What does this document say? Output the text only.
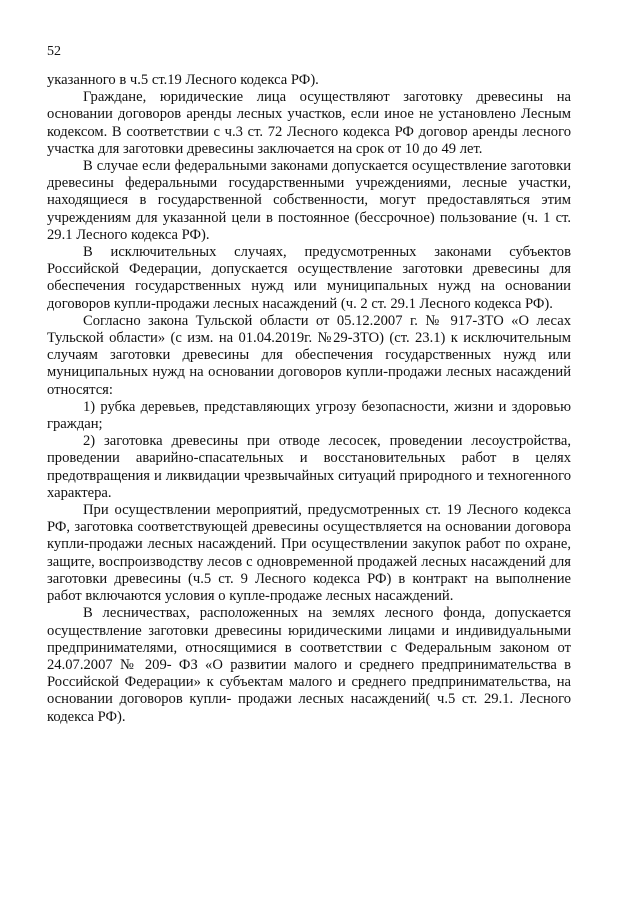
52

указанного в ч.5 ст.19 Лесного кодекса РФ).

Граждане, юридические лица осуществляют заготовку древесины на основании договоров аренды лесных участков, если иное не установлено Лесным кодексом. В соответствии с ч.3 ст. 72 Лесного кодекса РФ договор аренды лесного участка для заготовки древесины заключается на срок от 10 до 49 лет.

В случае если федеральными законами допускается осуществление заготовки древесины федеральными государственными учреждениями, лесные участки, находящиеся в государственной собственности, могут предоставляться этим учреждениям для указанной цели в постоянное (бессрочное) пользование (ч. 1 ст. 29.1 Лесного кодекса РФ).

В исключительных случаях, предусмотренных законами субъектов Российской Федерации, допускается осуществление заготовки древесины для обеспечения государственных нужд или муниципальных нужд на основании договоров купли-продажи лесных насаждений (ч. 2 ст. 29.1 Лесного кодекса РФ).

Согласно закона Тульской области от 05.12.2007 г. № 917-ЗТО «О лесах Тульской области» (с изм. на 01.04.2019г. №29-ЗТО) (ст. 23.1) к исключительным случаям заготовки древесины для обеспечения государственных нужд или муниципальных нужд на основании договоров купли-продажи лесных насаждений относятся:

1) рубка деревьев, представляющих угрозу безопасности, жизни и здоровью граждан;

2) заготовка древесины при отводе лесосек, проведении лесоустройства, проведении аварийно-спасательных и восстановительных работ в целях предотвращения и ликвидации чрезвычайных ситуаций природного и техногенного характера.

При осуществлении мероприятий, предусмотренных ст. 19 Лесного кодекса РФ, заготовка соответствующей древесины осуществляется на основании договора купли-продажи лесных насаждений. При осуществлении закупок работ по охране, защите, воспроизводству лесов с одновременной продажей лесных насаждений для заготовки древесины (ч.5 ст. 9 Лесного кодекса РФ) в контракт на выполнение работ включаются условия о купле-продаже лесных насаждений.

В лесничествах, расположенных на землях лесного фонда, допускается осуществление заготовки древесины юридическими лицами и индивидуальными предпринимателями, относящимися в соответствии с Федеральным законом от 24.07.2007 № 209- ФЗ «О развитии малого и среднего предпринимательства в Российской Федерации» к субъектам малого и среднего предпринимательства, на основании договоров купли- продажи лесных насаждений( ч.5 ст. 29.1. Лесного кодекса РФ).
